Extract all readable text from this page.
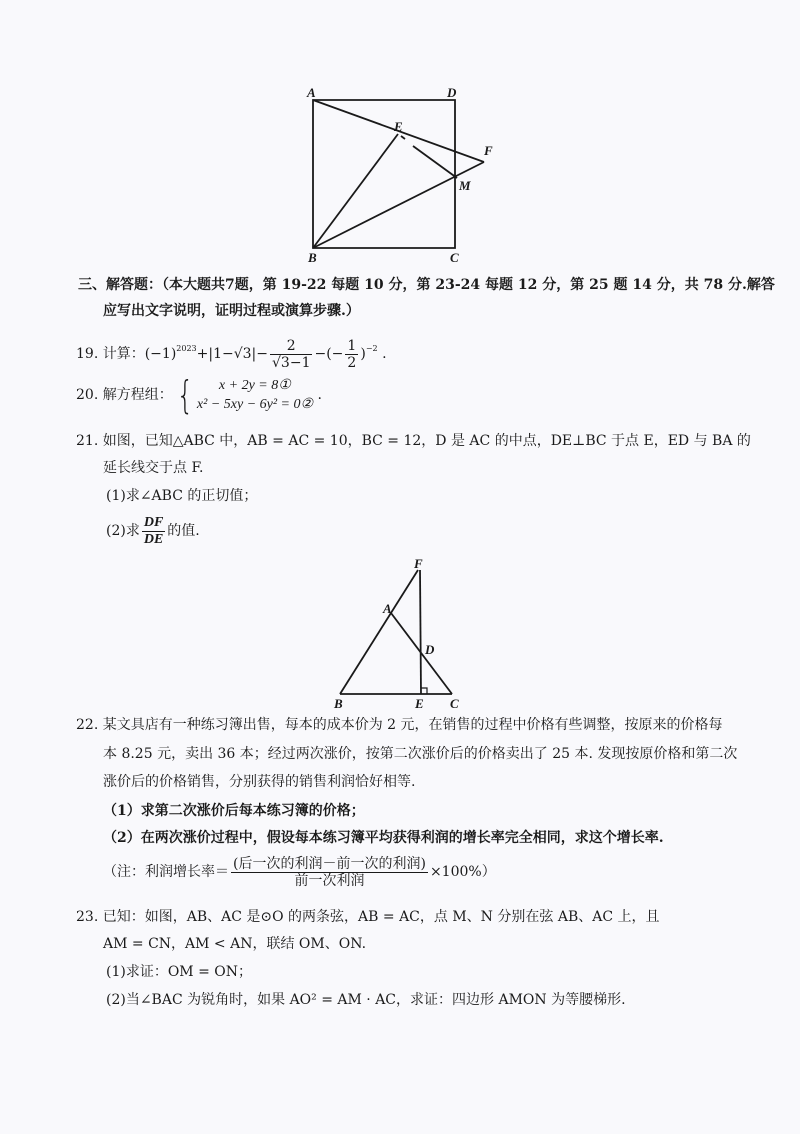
A	D
E
F
M
B	C
三、解答题：（本大题共7题，第 19-22 每题 10 分，第 23-24 每题 12 分，第 25 题 14 分，共 78 分.解答
应写出文字说明，证明过程或演算步骤.）
19. 计算：$(-1)^{2023}+|1-√3|- \frac{2}{√3-1}$ −(− $\frac{1}{2} )^{-2}$ .
20. 解方程组：{	x + 2y = 8①
x² − 5xy − 6y² = 0②
.
21. 如图，已知△ABC 中，AB = AC = 10，BC = 12，D 是 AC 的中点，DE⊥BC 于点 E，ED 与 BA 的
延长线交于点 F.
(1)求∠ABC 的正切值；
(2)求 $\frac{DF}{DE}$ 的值.
F
A
D
B	E C
22. 某文具店有一种练习簿出售，每本的成本价为 2 元，在销售的过程中价格有些调整，按原来的价格每
本 8.25 元，卖出 36 本；经过两次涨价，按第二次涨价后的价格卖出了 25 本. 发现按原价格和第二次
涨价后的价格销售，分别获得的销售利润恰好相等.
（1）求第二次涨价后每本练习簿的价格；
（2）在两次涨价过程中，假设每本练习簿平均获得利润的增长率完全相同，求这个增长率.
（注：利润增长率＝ $\frac{\text{(后一次的利润－前一次的利润)}}{\text{前一次利润}} \times 100\%$）
23. 已知：如图，AB、AC 是⊙O 的两条弦，AB = AC，点 M、N 分别在弦 AB、AC 上，且
AM = CN，AM < AN，联结 OM、ON.
(1)求证：OM = ON；
(2)当∠BAC 为锐角时，如果 AO² = AM · AC，求证：四边形 AMON 为等腰梯形.
